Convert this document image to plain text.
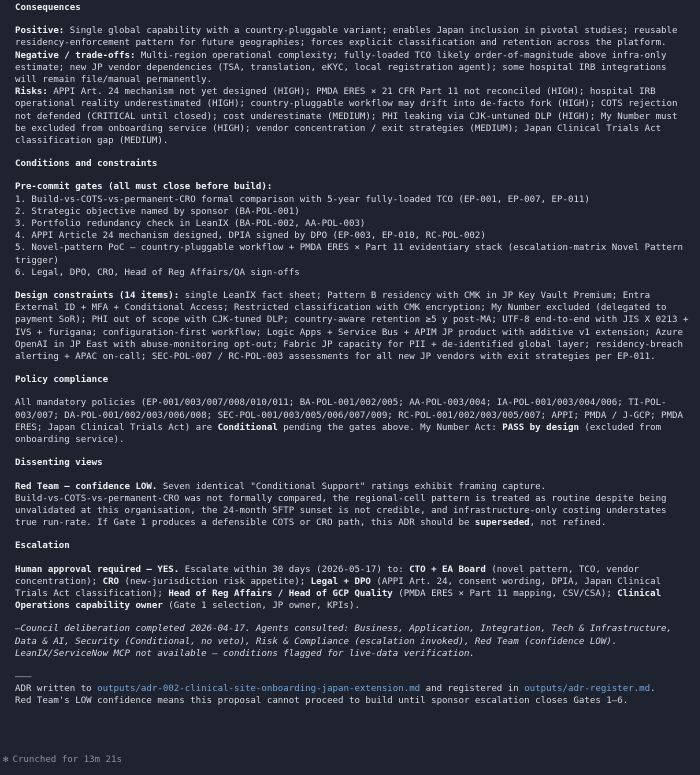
Consequences

Positive: Single global capability with a country-pluggable variant; enables Japan inclusion in pivotal studies; reusable residency-enforcement pattern for future geographies; forces explicit classification and retention across the platform.

Negative / trade-offs: Multi-region operational complexity; fully-loaded TCO likely order-of-magnitude above infra-only estimate; new JP vendor dependencies (TSA, translation, eKYC, local registration agent); some hospital IRB integrations will remain file/manual permanently.

Risks: APPI Art. 24 mechanism not yet designed (HIGH); PMDA ERES × 21 CFR Part 11 not reconciled (HIGH); hospital IRB operational reality underestimated (HIGH); country-pluggable workflow may drift into de-facto fork (HIGH); COTS rejection not defended (CRITICAL until closed); cost underestimate (MEDIUM); PHI leaking via CJK-untuned DLP (HIGH); My Number must be excluded from onboarding service (HIGH); vendor concentration / exit strategies (MEDIUM); Japan Clinical Trials Act classification gap (MEDIUM).

Conditions and constraints

Pre-commit gates (all must close before build):

1. Build-vs-COTS-vs-permanent-CRO formal comparison with 5-year fully-loaded TCO (EP-001, EP-007, EP-011)

2. Strategic objective named by sponsor (BA-POL-001)

3. Portfolio redundancy check in LeanIX (BA-POL-002, AA-POL-003)

4. APPI Article 24 mechanism designed, DPIA signed by DPO (EP-003, EP-010, RC-POL-002)

5. Novel-pattern PoC — country-pluggable workflow + PMDA ERES × Part 11 evidentiary stack (escalation-matrix Novel Pattern trigger)

6. Legal, DPO, CRO, Head of Reg Affairs/QA sign-offs

Design constraints (14 items): single LeanIX fact sheet; Pattern B residency with CMK in JP Key Vault Premium; Entra External ID + MFA + Conditional Access; Restricted classification with CMK encryption; My Number excluded (delegated to payment SoR); PHI out of scope with CJK-tuned DLP; country-aware retention ≥5 y post-MA; UTF-8 end-to-end with JIS X 0213 + IVS + furigana; configuration-first workflow; Logic Apps + Service Bus + APIM JP product with additive v1 extension; Azure OpenAI in JP East with abuse-monitoring opt-out; Fabric JP capacity for PII + de-identified global layer; residency-breach alerting + APAC on-call; SEC-POL-007 / RC-POL-003 assessments for all new JP vendors with exit strategies per EP-011.

Policy compliance

All mandatory policies (EP-001/003/007/008/010/011; BA-POL-001/002/005; AA-POL-003/004; IA-POL-001/003/004/006; TI-POL-003/007; DA-POL-001/002/003/006/008; SEC-POL-001/003/005/006/007/009; RC-POL-001/002/003/005/007; APPI; PMDA / J-GCP; PMDA ERES; Japan Clinical Trials Act) are Conditional pending the gates above. My Number Act: PASS by design (excluded from onboarding service).

Dissenting views

Red Team — confidence LOW. Seven identical "Conditional Support" ratings exhibit framing capture.

Build-vs-COTS-vs-permanent-CRO was not formally compared, the regional-cell pattern is treated as routine despite being unvalidated at this organisation, the 24-month SFTP sunset is not credible, and infrastructure-only costing understates true run-rate. If Gate 1 produces a defensible COTS or CRO path, this ADR should be superseded, not refined.

Escalation

Human approval required — YES. Escalate within 30 days (2026-05-17) to: CTO + EA Board (novel pattern, TCO, vendor concentration); CRO (new-jurisdiction risk appetite); Legal + DPO (APPI Art. 24, consent wording, DPIA, Japan Clinical Trials Act classification); Head of Reg Affairs / Head of GCP Quality (PMDA ERES × Part 11 mapping, CSV/CSA); Clinical Operations capability owner (Gate 1 selection, JP owner, KPIs).

—Council deliberation completed 2026-04-17. Agents consulted: Business, Application, Integration, Tech & Infrastructure, Data & AI, Security (Conditional, no veto), Risk & Compliance (escalation invoked), Red Team (confidence LOW). LeanIX/ServiceNow MCP not available — conditions flagged for live-data verification.

———

ADR written to outputs/adr-002-clinical-site-onboarding-japan-extension.md and registered in outputs/adr-register.md.

Red Team's LOW confidence means this proposal cannot proceed to build until sponsor escalation closes Gates 1–6.

✻ Crunched for 13m 21s
